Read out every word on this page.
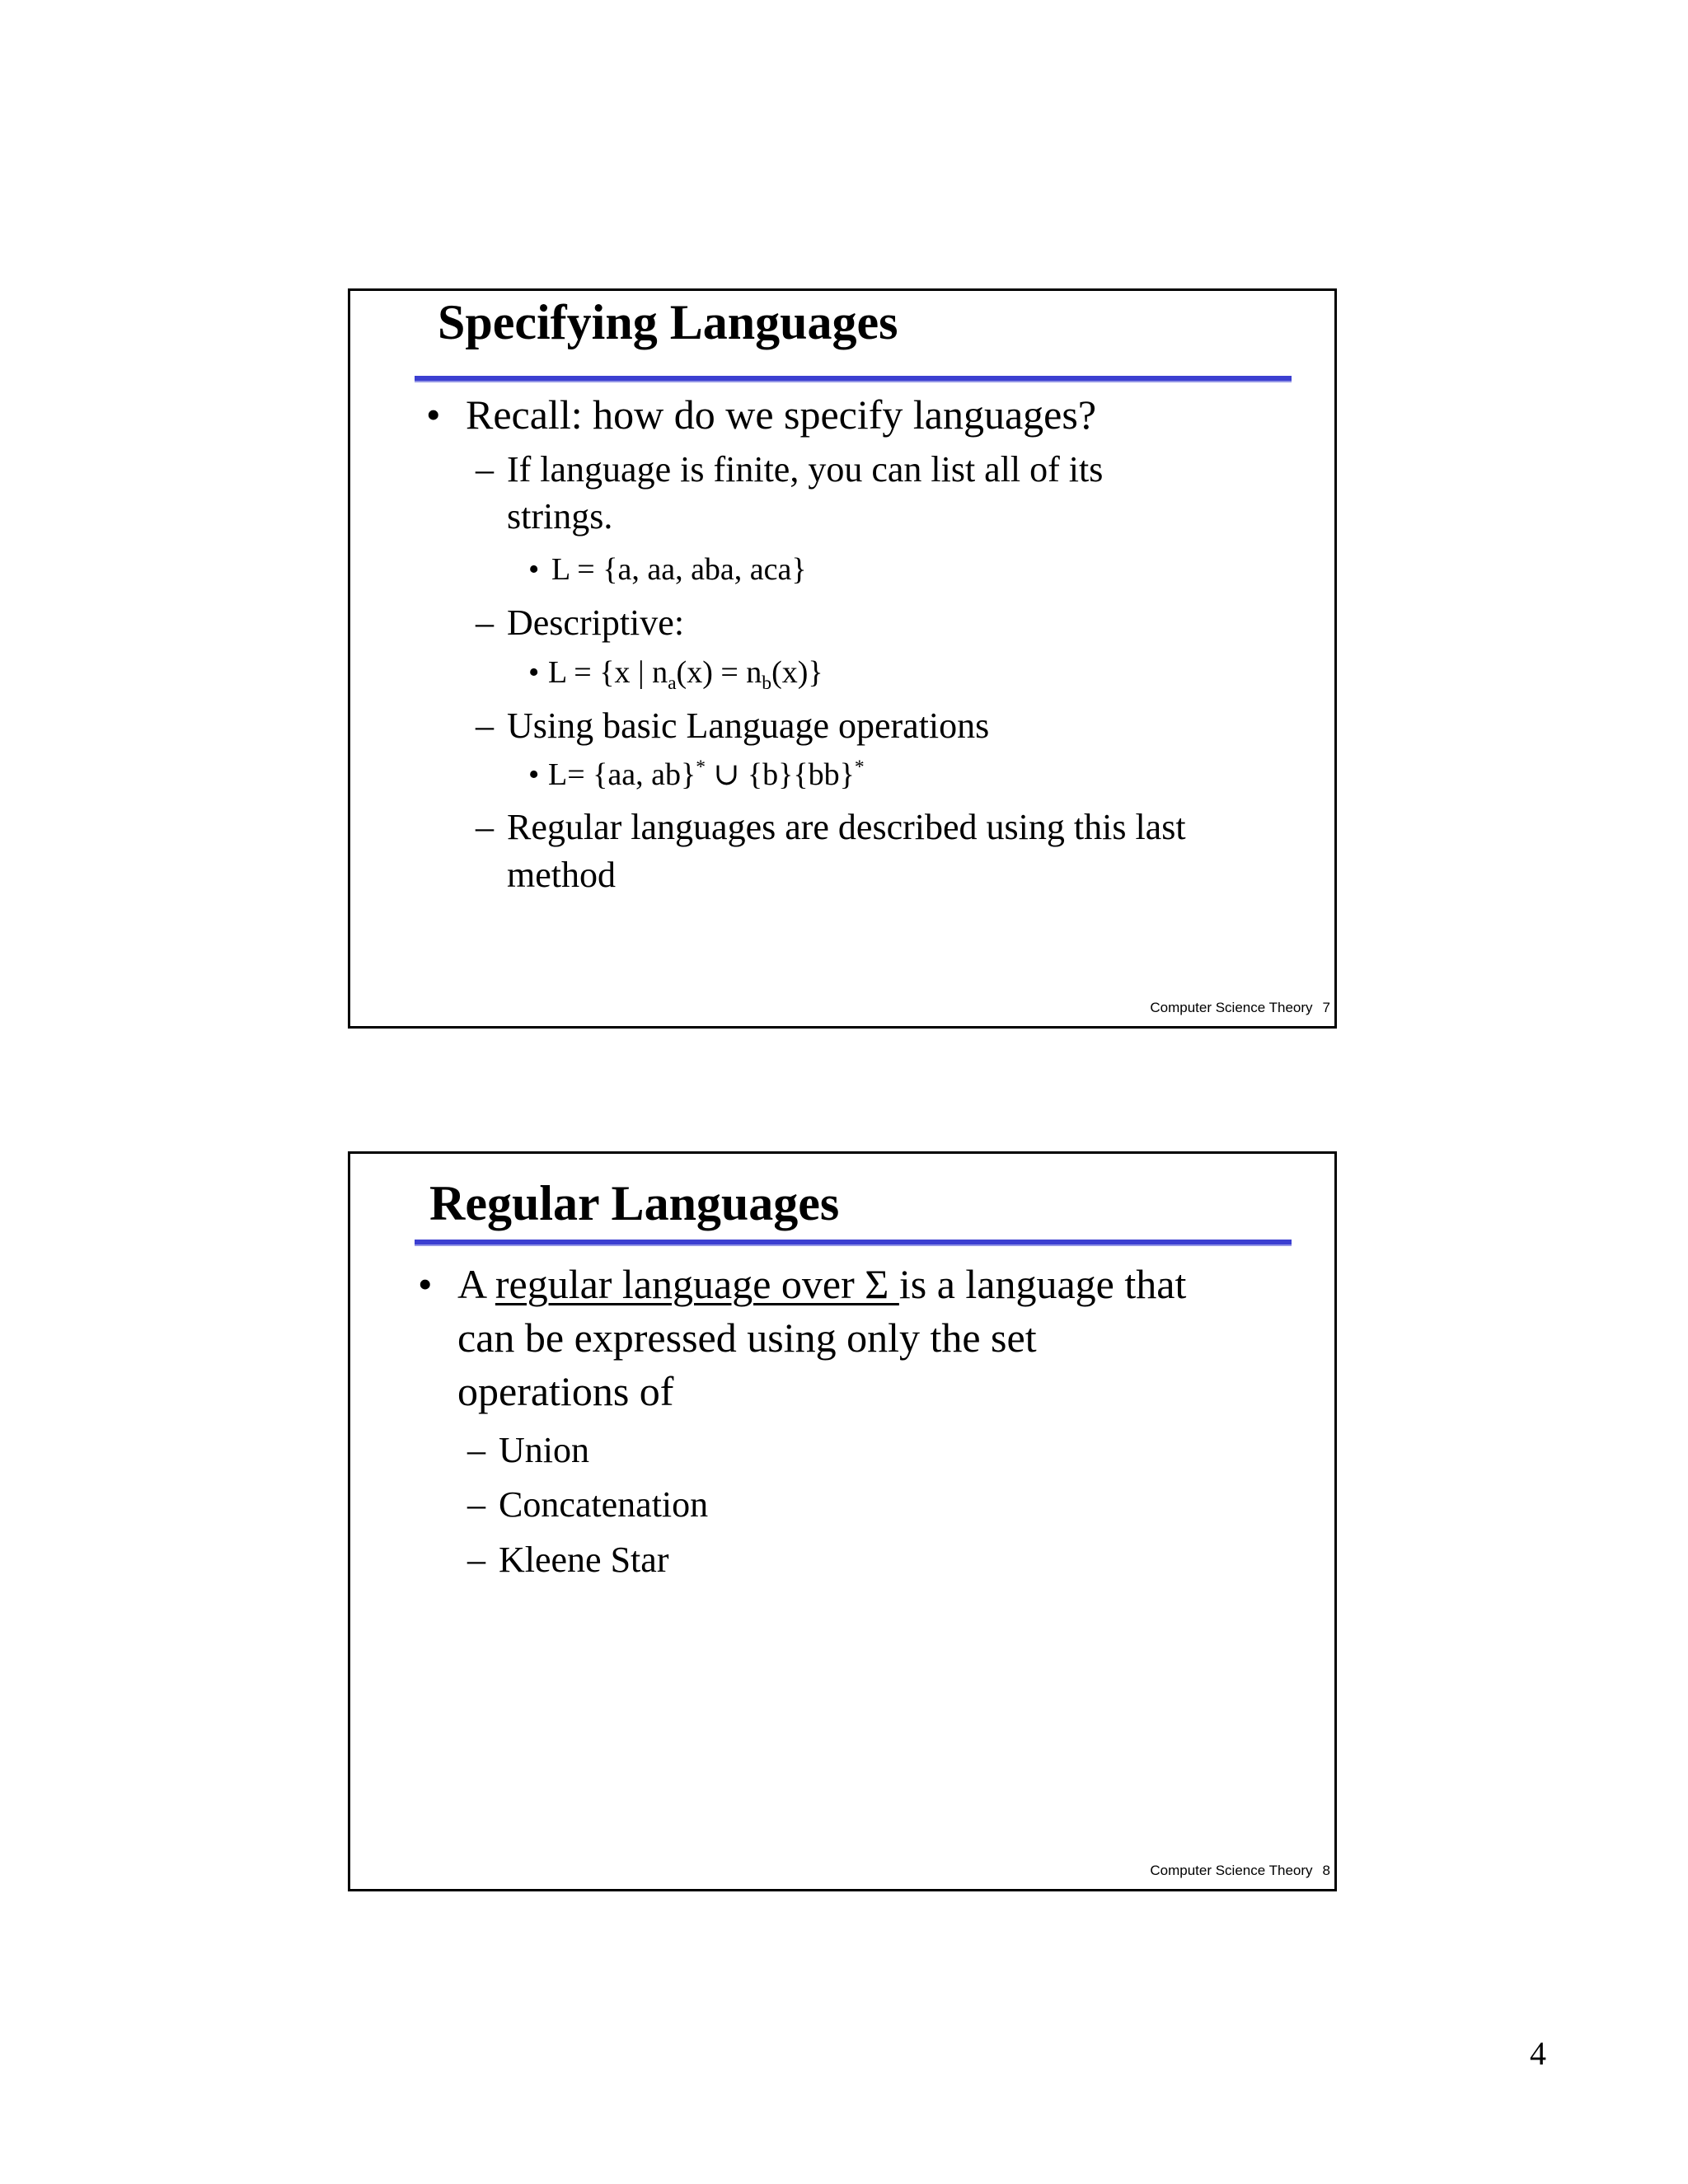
Specifying Languages
• Recall: how do we specify languages?
– If language is finite, you can list all of its
strings.
• L = {a, aa, aba, aca}
– Descriptive:
• L = {x | $n_a(x) = n_b(x)$}
– Using basic Language operations
• L= {aa, ab}* ∪ {b}{bb}*
– Regular languages are described using this last
method
Computer Science Theory 7
Regular Languages
• A regular language over Σ is a language that
can be expressed using only the set
operations of
– Union
– Concatenation
– Kleene Star
Computer Science Theory 8
4
